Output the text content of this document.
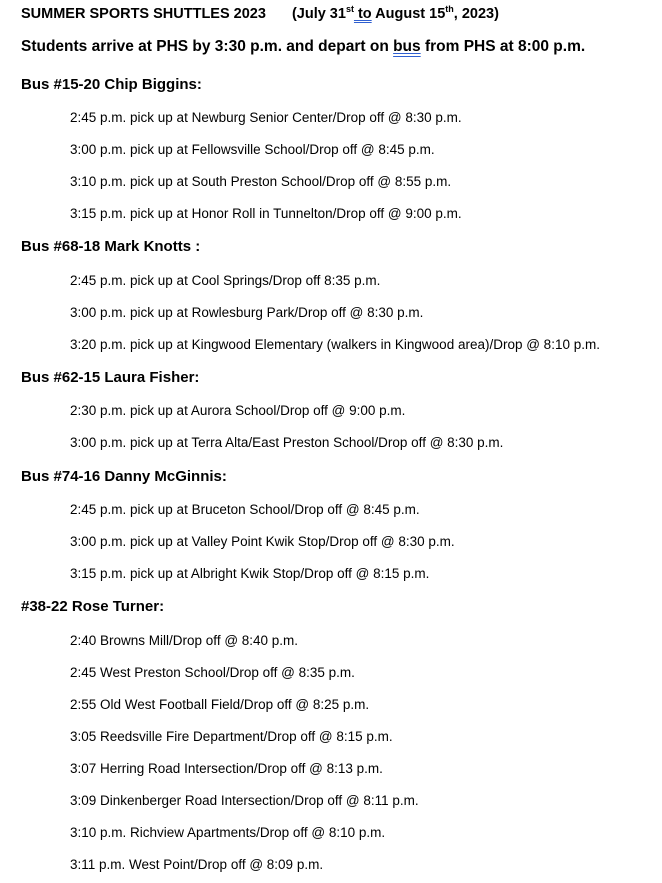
SUMMER SPORTS SHUTTLES 2023 (July 31st to August 15th, 2023)
Students arrive at PHS by 3:30 p.m. and depart on bus from PHS at 8:00 p.m.
Bus #15-20 Chip Biggins:
2:45 p.m. pick up at Newburg Senior Center/Drop off @ 8:30 p.m.
3:00 p.m. pick up at Fellowsville School/Drop off @ 8:45 p.m.
3:10 p.m. pick up at South Preston School/Drop off @ 8:55 p.m.
3:15 p.m. pick up at Honor Roll in Tunnelton/Drop off @ 9:00 p.m.
Bus #68-18 Mark Knotts :
2:45 p.m. pick up at Cool Springs/Drop off 8:35 p.m.
3:00 p.m. pick up at Rowlesburg Park/Drop off @ 8:30 p.m.
3:20 p.m. pick up at Kingwood Elementary (walkers in Kingwood area)/Drop @ 8:10 p.m.
Bus #62-15 Laura Fisher:
2:30 p.m. pick up at Aurora School/Drop off @ 9:00 p.m.
3:00 p.m. pick up at Terra Alta/East Preston School/Drop off @ 8:30 p.m.
Bus #74-16 Danny McGinnis:
2:45 p.m. pick up at Bruceton School/Drop off @ 8:45 p.m.
3:00 p.m. pick up at Valley Point Kwik Stop/Drop off @ 8:30 p.m.
3:15 p.m. pick up at Albright Kwik Stop/Drop off @ 8:15 p.m.
#38-22 Rose Turner:
2:40 Browns Mill/Drop off @ 8:40 p.m.
2:45 West Preston School/Drop off @ 8:35 p.m.
2:55 Old West Football Field/Drop off @ 8:25 p.m.
3:05 Reedsville Fire Department/Drop off @ 8:15 p.m.
3:07 Herring Road Intersection/Drop off @ 8:13 p.m.
3:09 Dinkenberger Road Intersection/Drop off @ 8:11 p.m.
3:10 p.m. Richview Apartments/Drop off @ 8:10 p.m.
3:11 p.m. West Point/Drop off @ 8:09 p.m.
